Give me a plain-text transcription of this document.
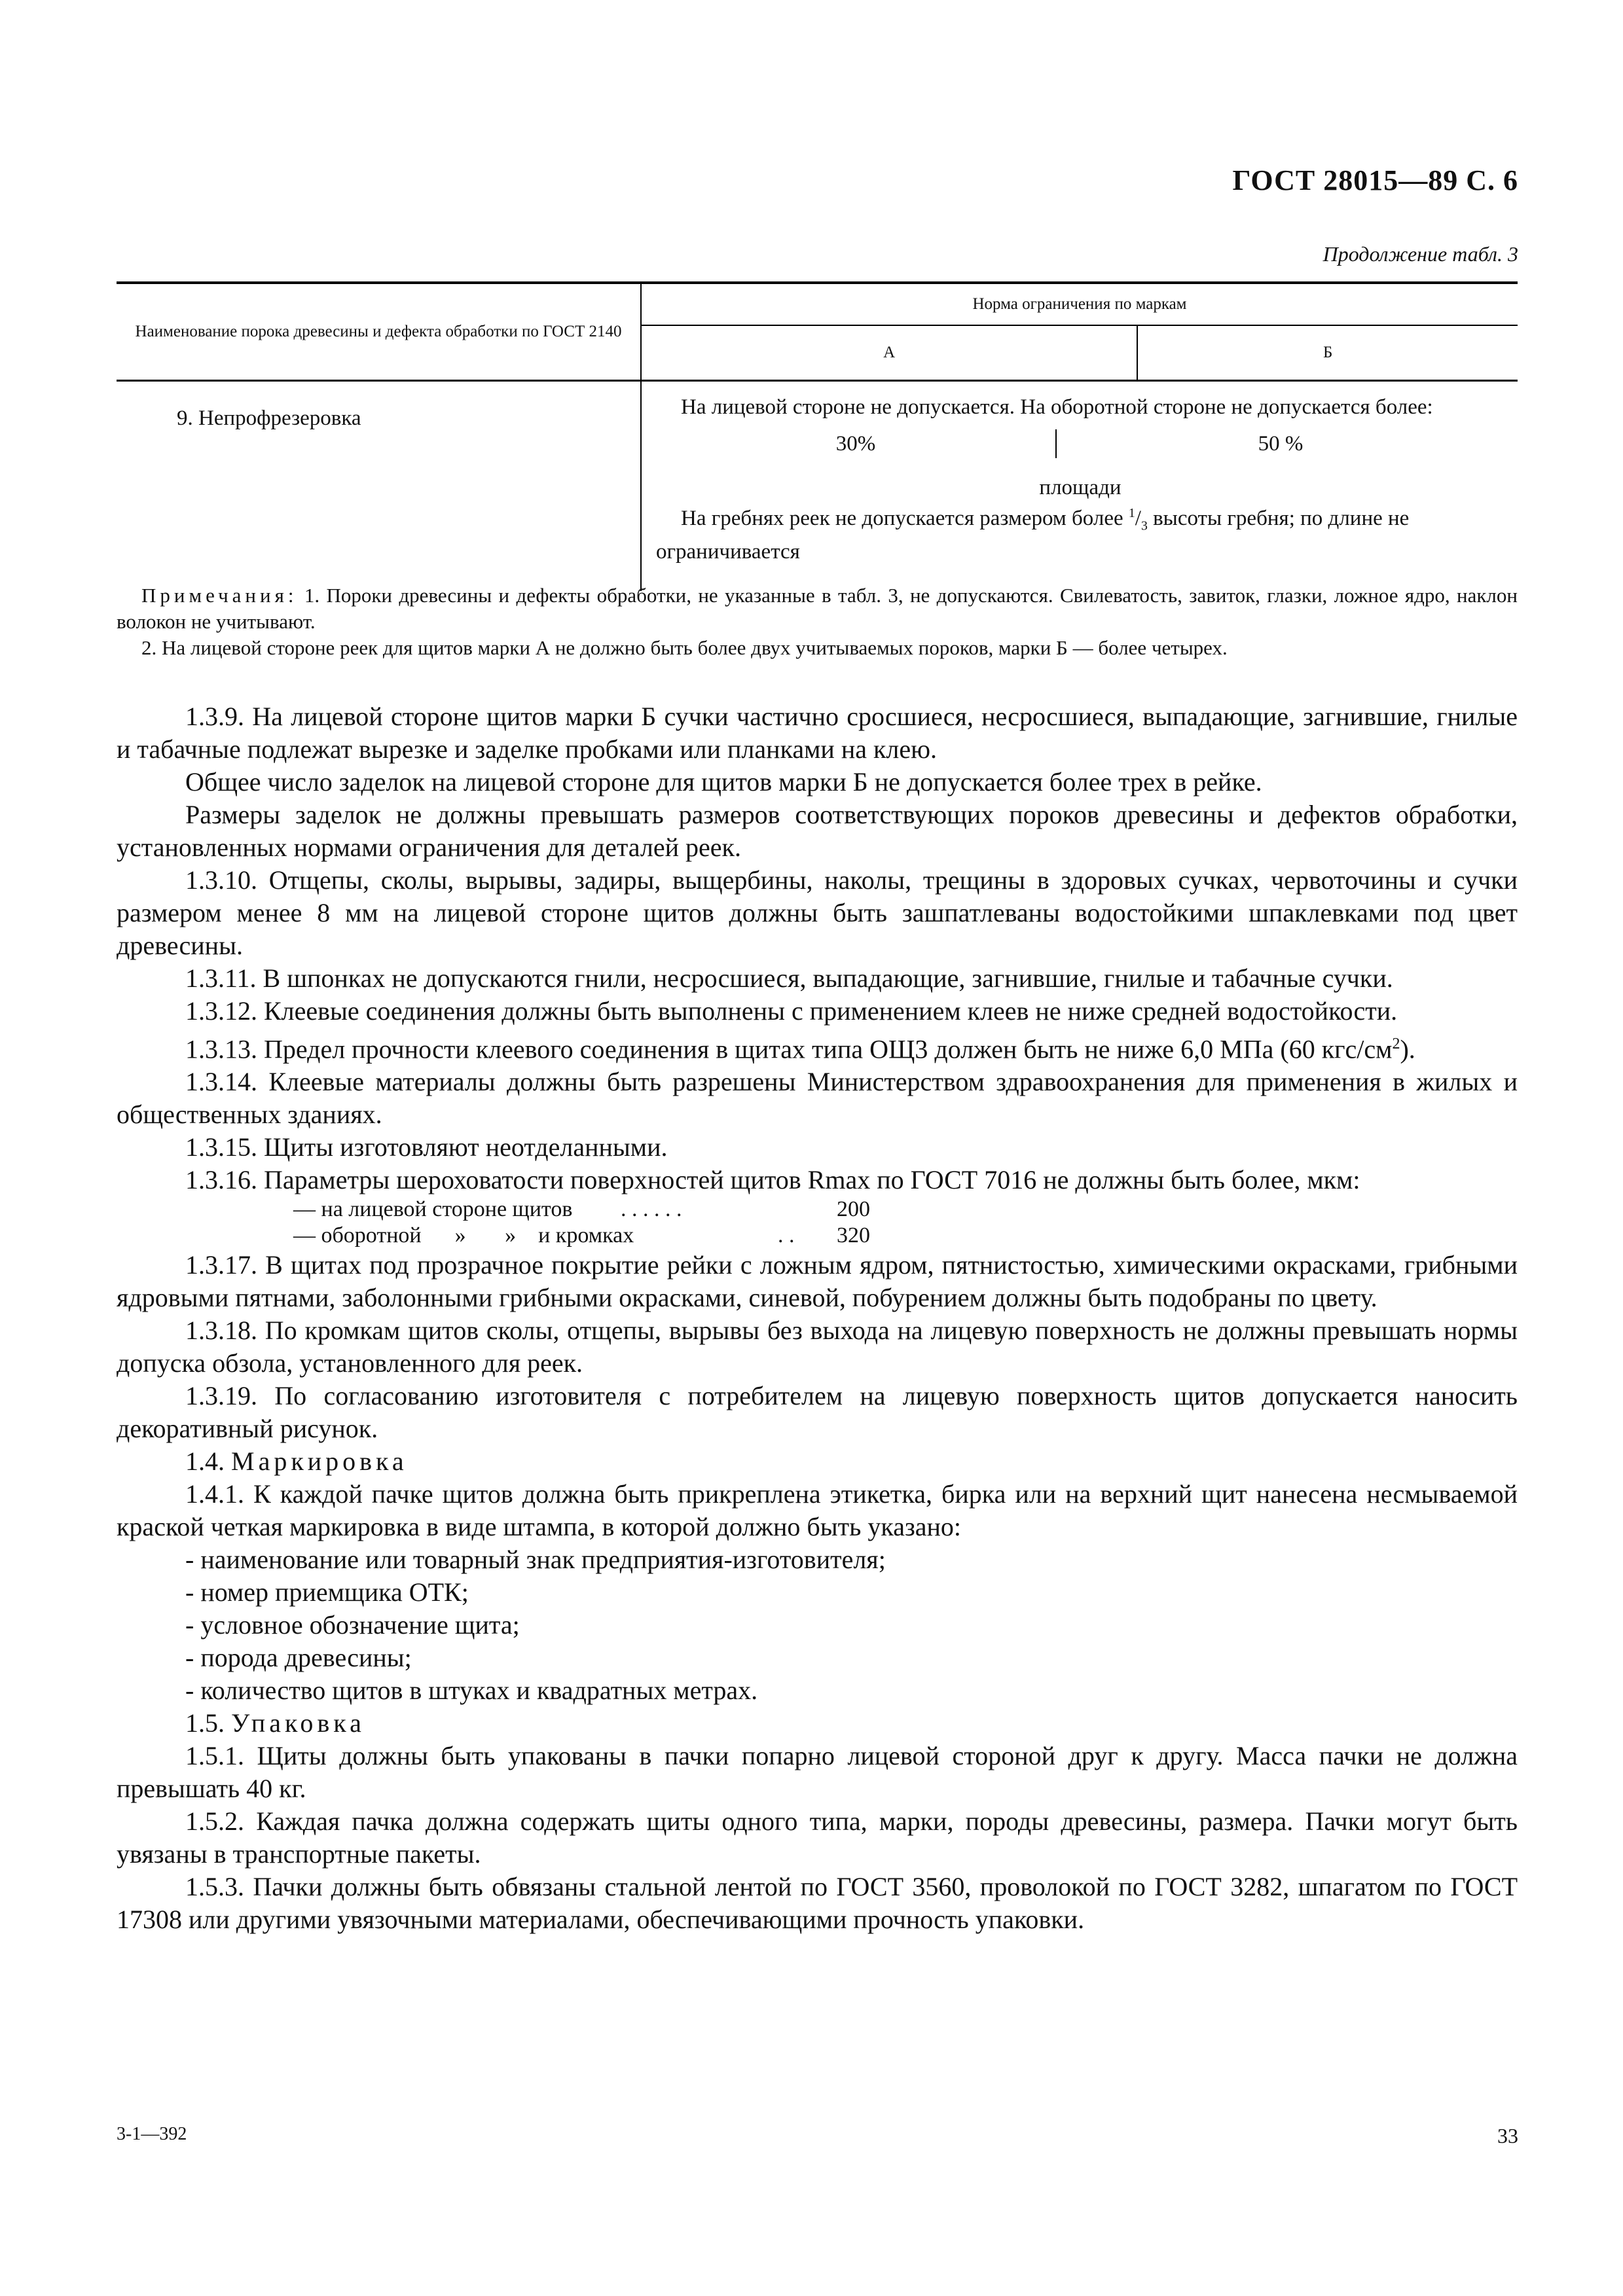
ГОСТ 28015—89 С. 6
Продолжение табл. 3
Наименование порока древесины и дефекта обработки по ГОСТ 2140	Норма ограничения по маркам	
	А	Б
9. Непрофрезеровка	На лицевой стороне не допускается. На оборотной стороне не допускается более:
30% 50 %
площади
На гребнях реек не допускается размером более $^1/_3$ высоты гребня; по длине не ограничивается	

Примечания: 1. Пороки древесины и дефекты обработки, не указанные в табл. 3, не допускаются. Свилеватость, завиток, глазки, ложное ядро, наклон волокон не учитывают.

2. На лицевой стороне реек для щитов марки А не должно быть более двух учитываемых пороков, марки Б — более четырех.

1.3.9. На лицевой стороне щитов марки Б сучки частично сросшиеся, несросшиеся, выпадающие, загнившие, гнилые и табачные подлежат вырезке и заделке пробками или планками на клею.

Общее число заделок на лицевой стороне для щитов марки Б не допускается более трех в рейке.

Размеры заделок не должны превышать размеров соответствующих пороков древесины и дефектов обработки, установленных нормами ограничения для деталей реек.

1.3.10. Отщепы, сколы, вырывы, задиры, выщербины, наколы, трещины в здоровых сучках, червоточины и сучки размером менее 8 мм на лицевой стороне щитов должны быть зашпатлеваны водостойкими шпаклевками под цвет древесины.

1.3.11. В шпонках не допускаются гнили, несросшиеся, выпадающие, загнившие, гнилые и табачные сучки.

1.3.12. Клеевые соединения должны быть выполнены с применением клеев не ниже средней водостойкости.

1.3.13. Предел прочности клеевого соединения в щитах типа ОЩ3 должен быть не ниже 6,0 МПа (60 кгс/$см^2$).

1.3.14. Клеевые материалы должны быть разрешены Министерством здравоохранения для применения в жилых и общественных зданиях.

1.3.15. Щиты изготовляют неотделанными.

1.3.16. Параметры шероховатости поверхностей щитов Rmax по ГОСТ 7016 не должны быть более, мкм:

— на лицевой стороне щитов	. . . . . .	200
— оборотной      »       »    и кромках	. .	320

1.3.17. В щитах под прозрачное покрытие рейки с ложным ядром, пятнистостью, химическими окрасками, грибными ядровыми пятнами, заболонными грибными окрасками, синевой, побурением должны быть подобраны по цвету.

1.3.18. По кромкам щитов сколы, отщепы, вырывы без выхода на лицевую поверхность не должны превышать нормы допуска обзола, установленного для реек.

1.3.19. По согласованию изготовителя с потребителем на лицевую поверхность щитов допускается наносить декоративный рисунок.

1.4. Маркировка

1.4.1. К каждой пачке щитов должна быть прикреплена этикетка, бирка или на верхний щит нанесена несмываемой краской четкая маркировка в виде штампа, в которой должно быть указано:

- наименование или товарный знак предприятия-изготовителя;

- номер приемщика ОТК;

- условное обозначение щита;

- порода древесины;

- количество щитов в штуках и квадратных метрах.

1.5. Упаковка

1.5.1. Щиты должны быть упакованы в пачки попарно лицевой стороной друг к другу. Масса пачки не должна превышать 40 кг.

1.5.2. Каждая пачка должна содержать щиты одного типа, марки, породы древесины, размера. Пачки могут быть увязаны в транспортные пакеты.

1.5.3. Пачки должны быть обвязаны стальной лентой по ГОСТ 3560, проволокой по ГОСТ 3282, шпагатом по ГОСТ 17308 или другими увязочными материалами, обеспечивающими прочность упаковки.

3-1—392	33
